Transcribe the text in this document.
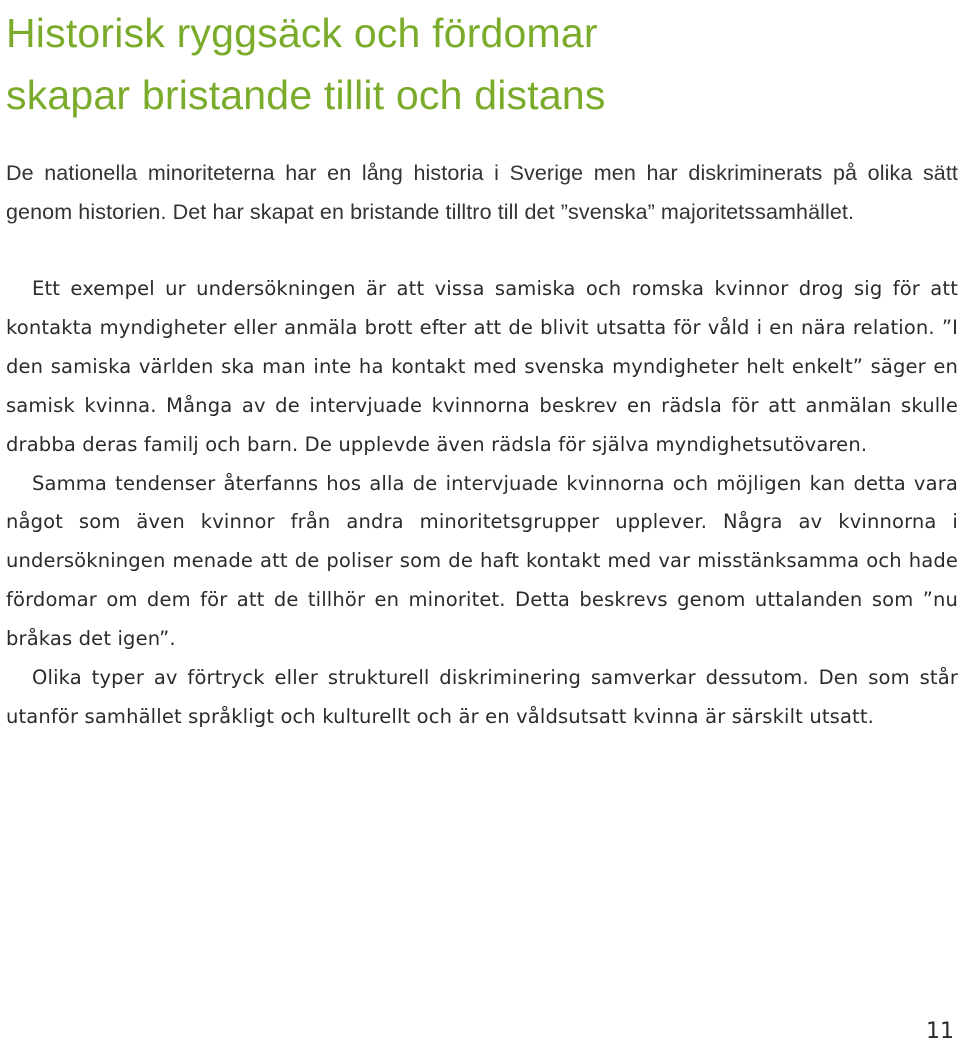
Historisk ryggsäck och fördomar
skapar bristande tillit och distans

De nationella minoriteterna har en lång historia i Sverige men har diskriminerats på olika sätt genom historien. Det har skapat en bristande tilltro till det ”svenska” majoritetssamhället.

Ett exempel ur undersökningen är att vissa samiska och romska kvinnor drog sig för att kontakta myndigheter eller anmäla brott efter att de blivit utsatta för våld i en nära relation. ”I den samiska världen ska man inte ha kontakt med svenska myndigheter helt enkelt” säger en samisk kvinna. Många av de intervjuade kvinnorna beskrev en rädsla för att anmälan skulle drabba deras familj och barn. De upplevde även rädsla för själva myndighetsutövaren.

Samma tendenser återfanns hos alla de intervjuade kvinnorna och möjligen kan detta vara något som även kvinnor från andra minoritetsgrupper upplever. Några av kvinnorna i undersökningen menade att de poliser som de haft kontakt med var misstänksamma och hade fördomar om dem för att de tillhör en minoritet. Detta beskrevs genom uttalanden som ”nu bråkas det igen”.

Olika typer av förtryck eller strukturell diskriminering samverkar dessutom. Den som står utanför samhället språkligt och kulturellt och är en våldsutsatt kvinna är särskilt utsatt.

11
